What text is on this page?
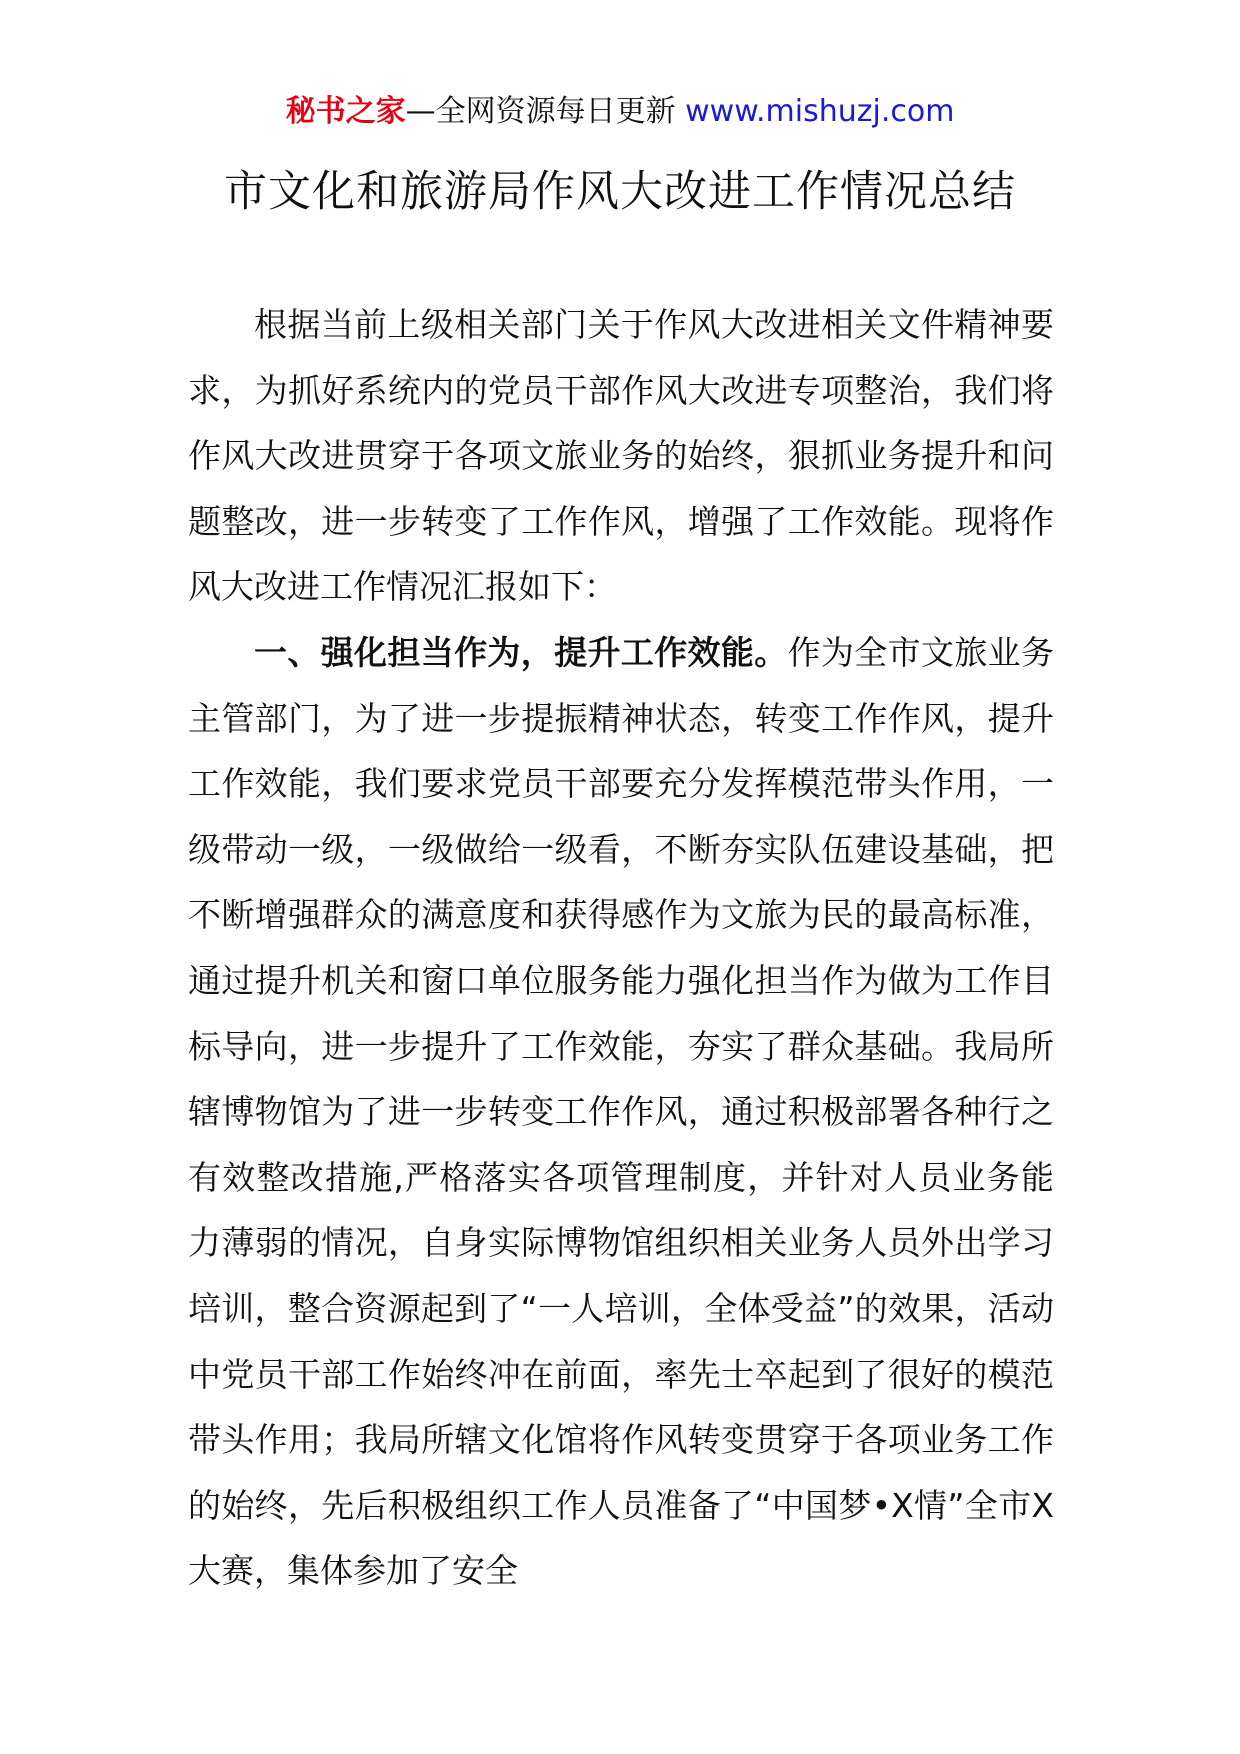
秘书之家—全网资源每日更新 www.mishuzj.com
市文化和旅游局作风大改进工作情况总结

根据当前上级相关部门关于作风大改进相关文件精神要求，为抓好系统内的党员干部作风大改进专项整治，我们将作风大改进贯穿于各项文旅业务的始终，狠抓业务提升和问题整改，进一步转变了工作作风，增强了工作效能。现将作风大改进工作情况汇报如下：

一、强化担当作为，提升工作效能。作为全市文旅业务主管部门，为了进一步提振精神状态，转变工作作风，提升工作效能，我们要求党员干部要充分发挥模范带头作用，一级带动一级，一级做给一级看，不断夯实队伍建设基础，把不断增强群众的满意度和获得感作为文旅为民的最高标准，通过提升机关和窗口单位服务能力强化担当作为做为工作目标导向，进一步提升了工作效能，夯实了群众基础。我局所辖博物馆为了进一步转变工作作风，通过积极部署各种行之有效整改措施,严格落实各项管理制度，并针对人员业务能力薄弱的情况，自身实际博物馆组织相关业务人员外出学习培训，整合资源起到了“一人培训，全体受益”的效果，活动中党员干部工作始终冲在前面，率先士卒起到了很好的模范带头作用；我局所辖文化馆将作风转变贯穿于各项业务工作的始终，先后积极组织工作人员准备了“中国梦•X情”全市X大赛，集体参加了安全
